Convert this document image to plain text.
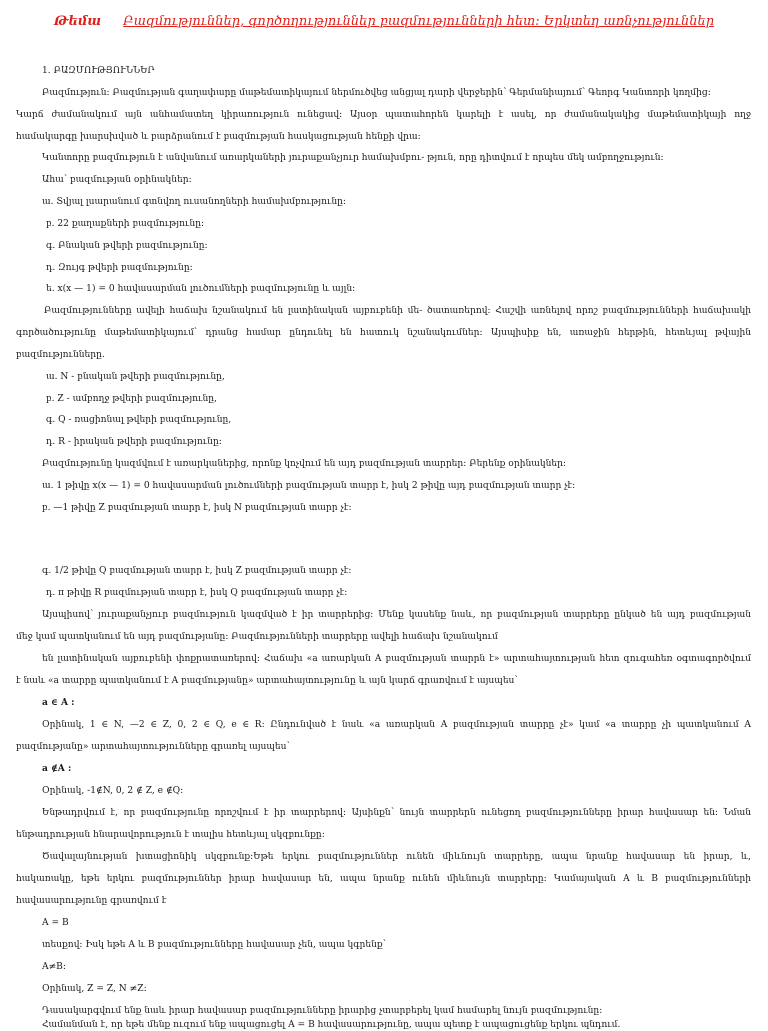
Թեմա Բազմություններ, գործողություններ բազմությունների հետ: Երկտեղ առնչություններ
1. ԲԱԶՄՈՒԹՅՈՒՆՆԵՐ
Բազմություն: Բազմության գաղափարը մաթեմատիկայում ներմուծվեց անցյալ դարի վերջերին՝ Գերմանիայում՝ Գեորգ Կանտորի կողմից:
Կարճ ժամանակում այն անհամատեղ կիրառություն ունեցավ: Այսօր պատահորեն կարելի է ասել, որ ժամանակակից մաթեմատիկայի ողջ
համակարգը խարսխված և բարձրանում է բազմության հասկացության հենքի վրա:
Կանտորը բազմություն է անվանում առարկաների յուրաքանչյուր համախմբու- թյուն, որը դիտվում է որպես մեկ ամբողջություն:
Ահա՝ բազմության օրինակներ:
ա. Տվյալ լսարանում գտնվող ուսանողների համախմբությունը:
բ. 22 քաղաքների բազմությունը:
գ. Բնական թվերի բազմությունը:
դ. Զույգ թվերի բազմությունը:
ե. x(x — 1) = 0 հավասարման լուծումների բազմությունը և այլն:
Բազմությունները ավելի հաճախ նշանակում են լատինական այբուբենի մե- ծատառերով: Հաշվի առնելով որոշ բազմությունների հաճախակի
գործածությունը մաթեմատիկայում՝ դրանց համար ընդունել են հատուկ նշանակումներ: Այսպիսիք են, առաջին հերթին, հետևյալ թվային
բազմությունները.
ա. N - բնական թվերի բազմությունը,
բ. Z - ամբողջ թվերի բազմությունը,
գ. Q - ռացիոնալ թվերի բազմությունը,
դ. R - իրական թվերի բազմությունը:
Բազմությունը կազմվում է առարկաներից, որոնք կոչվում են այդ բազմության տարրեր: Բերենք օրինակներ:
ա. 1 թիվը x(x — 1) = 0 հավասարման լուծումների բազմության տարր է, իսկ 2 թիվը այդ բազմության տարր չէ:
բ. —1 թիվը Z բազմության տարր է, իսկ N բազմության տարր չէ:
գ. 1/2 թիվը Q բազմության տարր է, իսկ Z բազմության տարր չէ:
դ. π թիվը R բազմության տարր է, իսկ Q բազմության տարր չէ:
Այսպիսով՝ յուրաքանչյուր բազմություն կազմված է իր տարրերից: Մենք կասենք նաև, որ բազմության տարրերը ընկած են այդ բազմության
մեջ կամ պատկանում են այդ բազմությանը: Բազմությունների տարրերը ավելի հաճախ նշանակում
են լատինական այբուբենի փոքրատառերով: Հաճախ «a առարկան A բազմության տարրն է» արտահայտության հետ զուգահեռ օգտագործվում
է նաև «a տարրը պատկանում է A բազմությանը» արտահայտությունը և այն կարճ գրառվում է այսպես՝
a ∈ A :
Օրինակ, 1 ∈ N, —2 ∈ Z, 0, 2 ∈ Q, e ∈ R: Ընդունված է նաև «a առարկան A բազմության տարրը չէ» կամ «a տարրը չի պատկանում A
բազմությանը» արտահայտությունները գրառել այսպես՝
a ∉A :
Օրինակ, -1∉N, 0, 2 ∉ Z, e ∉Q:
Ենթադրվում է, որ բազմությունը որոշվում է իր տարրերով: Այսինքն՝ նույն տարրերն ունեցող բազմությունները իրար հավասար են: Նման
ենթադրության հնարավորություն է տալիս հետևյալ սկզբունքը:
Ծավալայնության խտացիոնիկ սկզբունք:Եթե երկու բազմություններ ունեն միևնույն տարրերը, ապա նրանք հավասար են իրար, և,
հակառակը, եթե երկու բազմություններ իրար հավասար են, ապա նրանք ունեն միևնույն տարրերը: Կամայական A և B բազմությունների
հավասարությունը գրառվում է
A = B
տեսքով: Իսկ եթե A և B բազմությունները հավասար չեն, ապա կգրենք՝
A≠B:
Օրինակ, Z = Z, N ≠Z:
Դասակարգվում ենք նաև իրար հավասար բազմությունները իրարից չտարբերել կամ համարել նույն բազմությունը:
Համանման է, որ եթե մենք ուզում ենք ապացուցել A = B հավասարությունը, ապա պետք է ապացուցենք երկու պնդում.
